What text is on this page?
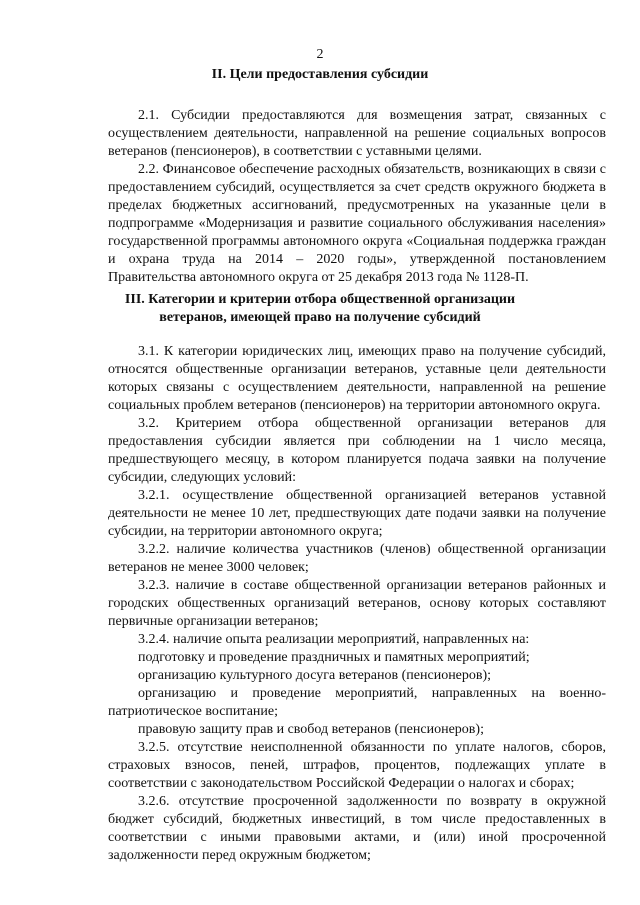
2
II. Цели предоставления субсидии

2.1. Субсидии предоставляются для возмещения затрат, связанных с осуществлением деятельности, направленной на решение социальных вопросов ветеранов (пенсионеров), в соответствии с уставными целями.

2.2. Финансовое обеспечение расходных обязательств, возникающих в связи с предоставлением субсидий, осуществляется за счет средств окружного бюджета в пределах бюджетных ассигнований, предусмотренных на указанные цели в подпрограмме «Модернизация и развитие социального обслуживания населения» государственной программы автономного округа «Социальная поддержка граждан и охрана труда на 2014 – 2020 годы», утвержденной постановлением Правительства автономного округа от 25 декабря 2013 года № 1128-П.

III. Категории и критерии отбора общественной организации
ветеранов, имеющей право на получение субсидий

3.1. К категории юридических лиц, имеющих право на получение субсидий, относятся общественные организации ветеранов, уставные цели деятельности которых связаны с осуществлением деятельности, направленной на решение социальных проблем ветеранов (пенсионеров) на территории автономного округа.

3.2. Критерием отбора общественной организации ветеранов для предоставления субсидии является при соблюдении на 1 число месяца, предшествующего месяцу, в котором планируется подача заявки на получение субсидии, следующих условий:

3.2.1. осуществление общественной организацией ветеранов уставной деятельности не менее 10 лет, предшествующих дате подачи заявки на получение субсидии, на территории автономного округа;

3.2.2. наличие количества участников (членов) общественной организации ветеранов не менее 3000 человек;

3.2.3. наличие в составе общественной организации ветеранов районных и городских общественных организаций ветеранов, основу которых составляют первичные организации ветеранов;

3.2.4. наличие опыта реализации мероприятий, направленных на:

подготовку и проведение праздничных и памятных мероприятий;

организацию культурного досуга ветеранов (пенсионеров);

организацию и проведение мероприятий, направленных на военно-патриотическое воспитание;

правовую защиту прав и свобод ветеранов (пенсионеров);

3.2.5. отсутствие неисполненной обязанности по уплате налогов, сборов, страховых взносов, пеней, штрафов, процентов, подлежащих уплате в соответствии с законодательством Российской Федерации о налогах и сборах;

3.2.6. отсутствие просроченной задолженности по возврату в окружной бюджет субсидий, бюджетных инвестиций, в том числе предоставленных в соответствии с иными правовыми актами, и (или) иной просроченной задолженности перед окружным бюджетом;
